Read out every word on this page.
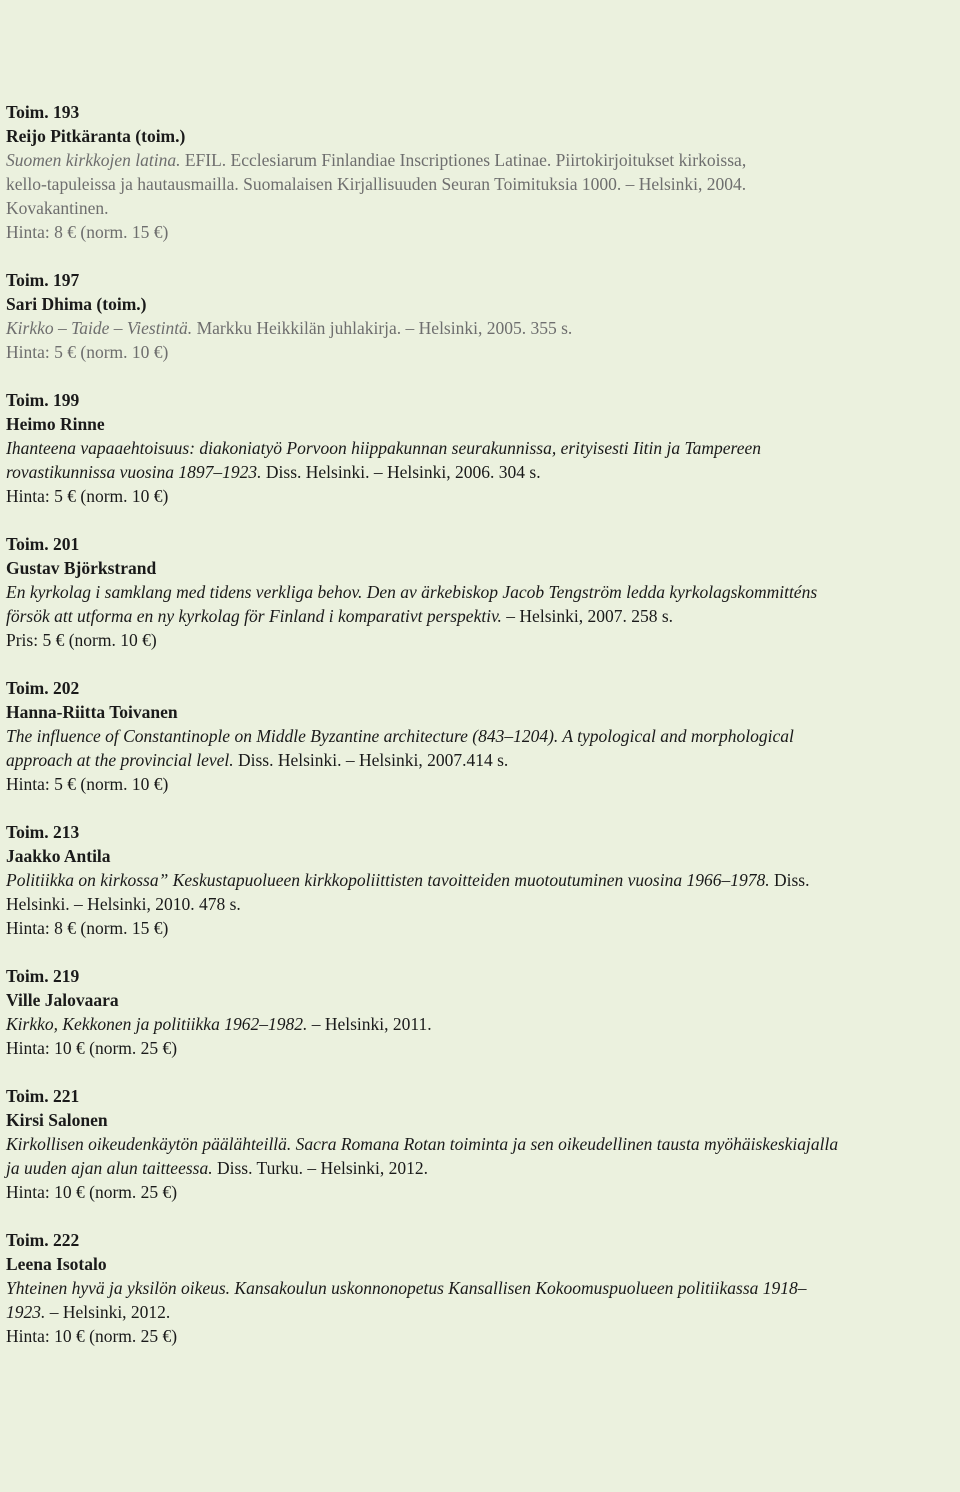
Toim. 193
Reijo Pitkäranta (toim.)
Suomen kirkkojen latina. EFIL. Ecclesiarum Finlandiae Inscriptiones Latinae. Piirtokirjoitukset kirkoissa,
kello-tapuleissa ja hautausmailla. Suomalaisen Kirjallisuuden Seuran Toimituksia 1000. – Helsinki, 2004.
Kovakantinen.
Hinta: 8 € (norm. 15 €)
Toim. 197
Sari Dhima (toim.)
Kirkko – Taide – Viestintä. Markku Heikkilän juhlakirja. – Helsinki, 2005. 355 s.
Hinta: 5 € (norm. 10 €)
Toim. 199
Heimo Rinne
Ihanteena vapaaehtoisuus: diakoniatyö Porvoon hiippakunnan seurakunnissa, erityisesti Iitin ja Tampereen
rovastikunnissa vuosina 1897–1923. Diss. Helsinki. – Helsinki, 2006. 304 s.
Hinta: 5 € (norm. 10 €)
Toim. 201
Gustav Björkstrand
En kyrkolag i samklang med tidens verkliga behov. Den av ärkebiskop Jacob Tengström ledda kyrkolagskommitténs
försök att utforma en ny kyrkolag för Finland i komparativt perspektiv. – Helsinki, 2007. 258 s.
Pris: 5 € (norm. 10 €)
Toim. 202
Hanna-Riitta Toivanen
The influence of Constantinople on Middle Byzantine architecture (843–1204). A typological and morphological
approach at the provincial level. Diss. Helsinki. – Helsinki, 2007.414 s.
Hinta: 5 € (norm. 10 €)
Toim. 213
Jaakko Antila
Politiikka on kirkossa” Keskustapuolueen kirkkopoliittisten tavoitteiden muotoutuminen vuosina 1966–1978. Diss.
Helsinki. – Helsinki, 2010. 478 s.
Hinta: 8 € (norm. 15 €)
Toim. 219
Ville Jalovaara
Kirkko, Kekkonen ja politiikka 1962–1982. – Helsinki, 2011.
Hinta: 10 € (norm. 25 €)
Toim. 221
Kirsi Salonen
Kirkollisen oikeudenkäytön päälähteillä. Sacra Romana Rotan toiminta ja sen oikeudellinen tausta myöhäiskeskiajalla
ja uuden ajan alun taitteessa. Diss. Turku. – Helsinki, 2012.
Hinta: 10 € (norm. 25 €)
Toim. 222
Leena Isotalo
Yhteinen hyvä ja yksilön oikeus. Kansakoulun uskonnonopetus Kansallisen Kokoomuspuolueen politiikassa 1918–
1923. – Helsinki, 2012.
Hinta: 10 € (norm. 25 €)
